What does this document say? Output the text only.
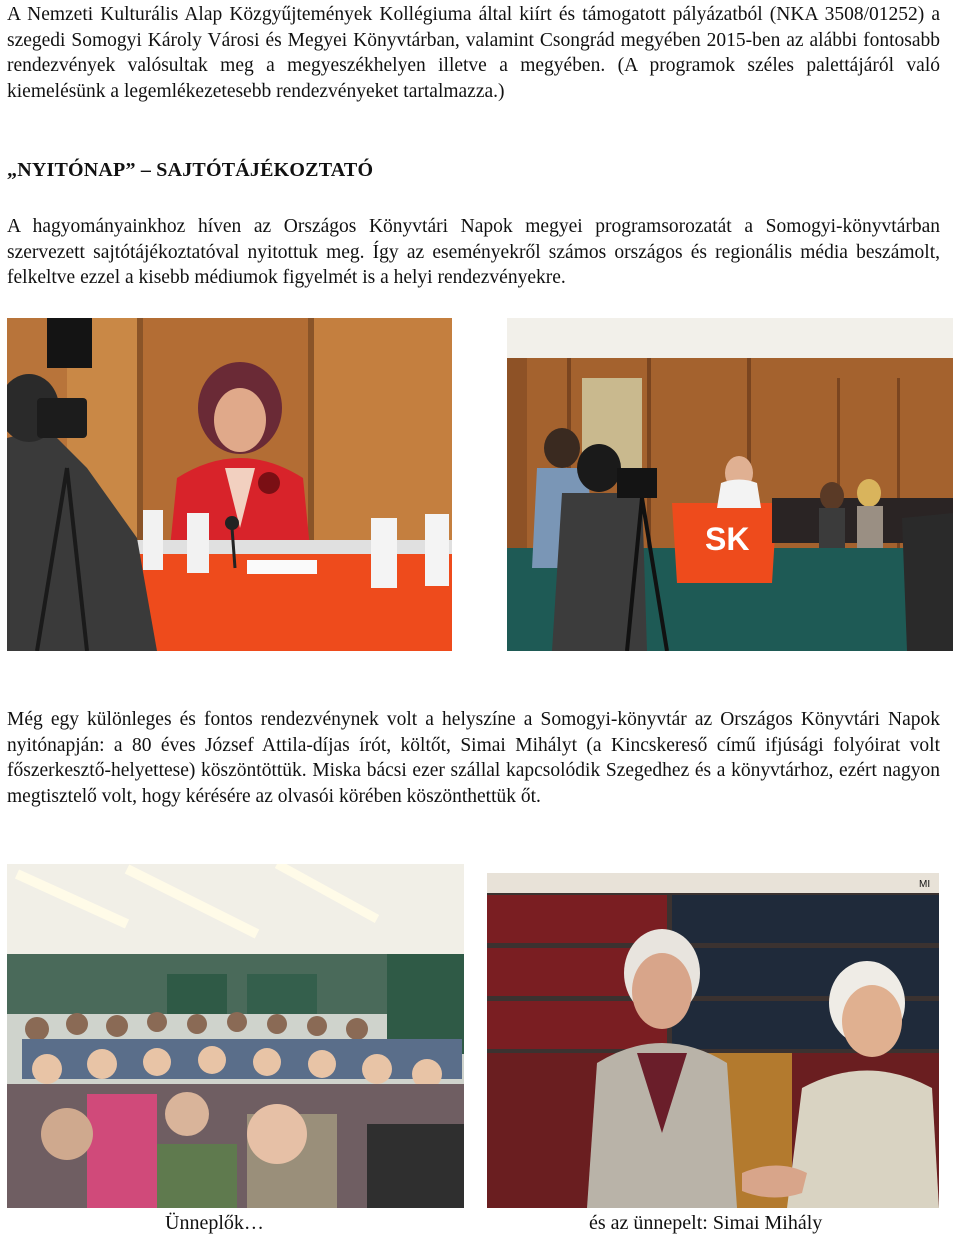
A Nemzeti Kulturális Alap Közgyűjtemények Kollégiuma által kiírt és támogatott pályázatból (NKA 3508/01252) a szegedi Somogyi Károly Városi és Megyei Könyvtárban, valamint Csongrád megyében 2015-ben az alábbi fontosabb rendezvények valósultak meg a megyeszékhelyen illetve a megyében. (A programok széles palettájáról való kiemelésünk a legemlékezetesebb rendezvényeket tartalmazza.)

„NYITÓNAP” – SAJTÓTÁJÉKOZTATÓ

A hagyományainkhoz híven az Országos Könyvtári Napok megyei programsorozatát a Somogyi-könyvtárban szervezett sajtótájékoztatóval nyitottuk meg. Így az eseményekről számos országos és regionális média beszámolt, felkeltve ezzel a kisebb médiumok figyelmét is a helyi rendezvényekre.

SK

Még egy különleges és fontos rendezvénynek volt a helyszíne a Somogyi-könyvtár az Országos Könyvtári Napok nyitónapján: a 80 éves József Attila-díjas írót, költőt, Simai Mihályt (a Kincskereső című ifjúsági folyóirat volt főszerkesztő-helyettese) köszöntöttük. Miska bácsi ezer szállal kapcsolódik Szegedhez és a könyvtárhoz, ezért nagyon megtisztelő volt, hogy kérésére az olvasói körében köszönthettük őt.

MI

Ünneplők…	és az ünnepelt: Simai Mihály
